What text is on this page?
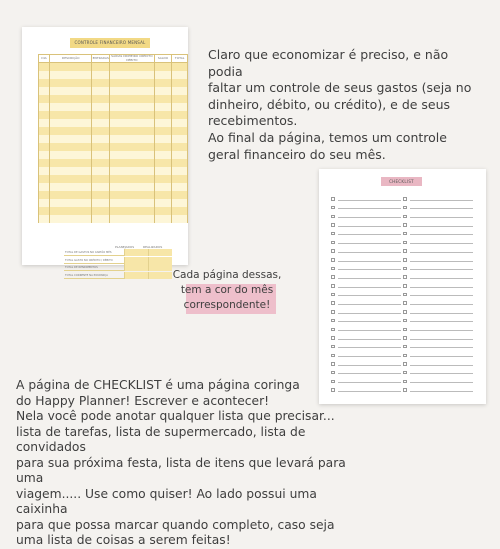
CONTROLE FINANCEIRO MENSAL
DIA	DESCRIÇÃO	ENTRADAS	SAÍDAS DINHEIRO CRÉDITO DÉBITO	SALDO	TOTAL

PLANEJADOS	REALIZADOS
TOTAL DE GASTOS NO CARTÃO MÊS
TOTAL GASTO NO CRÉDITO / DÉBITO
TOTAL DE RENDIMENTOS
TOTAL CORRENTE NA POUPANÇA

Claro que economizar é preciso, e não podia
faltar um controle de seus gastos (seja no
dinheiro, débito, ou crédito), e de seus
recebimentos.
Ao final da página, temos um controle
geral financeiro do seu mês.

CHECKLIST

Cada página dessas,
tem a cor do mês
correspondente!

A página de CHECKLIST é uma página coringa
do Happy Planner! Escrever e acontecer!
Nela você pode anotar qualquer lista que precisar...
lista de tarefas, lista de supermercado, lista de convidados
para sua próxima festa, lista de itens que levará para uma
viagem..... Use como quiser! Ao lado possui uma caixinha
para que possa marcar quando completo, caso seja
uma lista de coisas a serem feitas!
